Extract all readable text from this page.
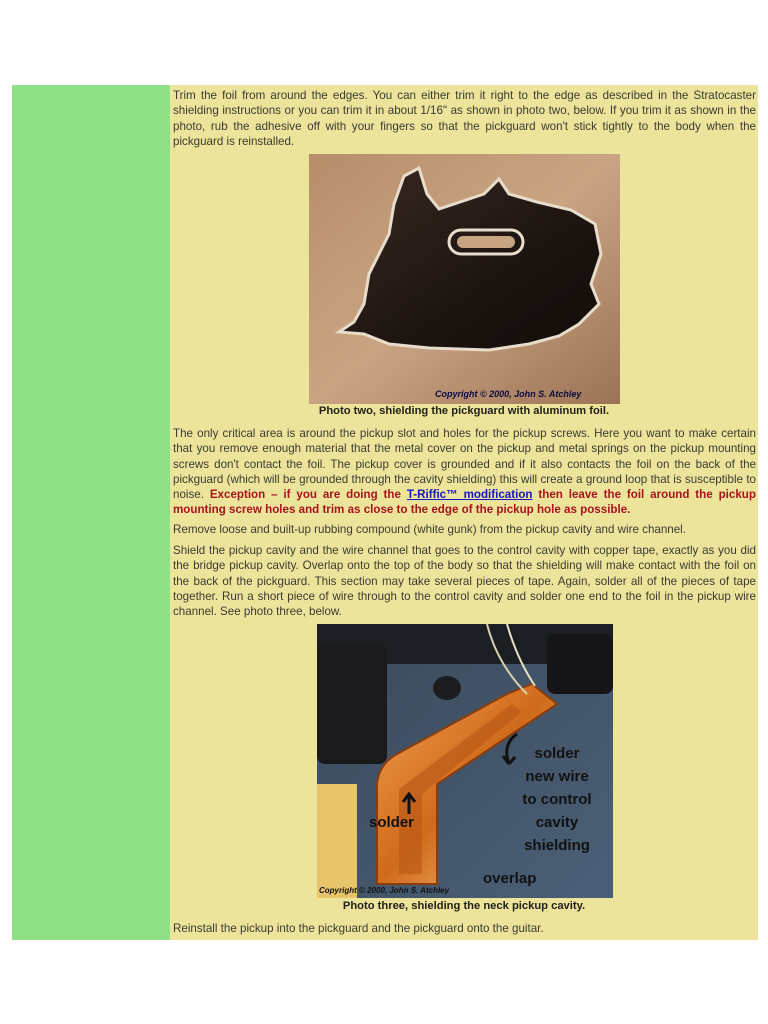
Trim the foil from around the edges. You can either trim it right to the edge as described in the Stratocaster shielding instructions or you can trim it in about 1/16" as shown in photo two, below. If you trim it as shown in the photo, rub the adhesive off with your fingers so that the pickguard won't stick tightly to the body when the pickguard is reinstalled.
Copyright © 2000, John S. Atchley
Photo two, shielding the pickguard with aluminum foil.
The only critical area is around the pickup slot and holes for the pickup screws. Here you want to make certain that you remove enough material that the metal cover on the pickup and metal springs on the pickup mounting screws don't contact the foil. The pickup cover is grounded and if it also contacts the foil on the back of the pickguard (which will be grounded through the cavity shielding) this will create a ground loop that is susceptible to noise. Exception – if you are doing the T-Riffic™ modification then leave the foil around the pickup mounting screw holes and trim as close to the edge of the pickup hole as possible.
Remove loose and built-up rubbing compound (white gunk) from the pickup cavity and wire channel.
Shield the pickup cavity and the wire channel that goes to the control cavity with copper tape, exactly as you did the bridge pickup cavity. Overlap onto the top of the body so that the shielding will make contact with the foil on the back of the pickguard. This section may take several pieces of tape. Again, solder all of the pieces of tape together. Run a short piece of wire through to the control cavity and solder one end to the foil in the pickup wire channel. See photo three, below.
solder
new wire
to control
cavity
shielding
solder
overlap
Copyright © 2000, John S. Atchley
Photo three, shielding the neck pickup cavity.
Reinstall the pickup into the pickguard and the pickguard onto the guitar.
